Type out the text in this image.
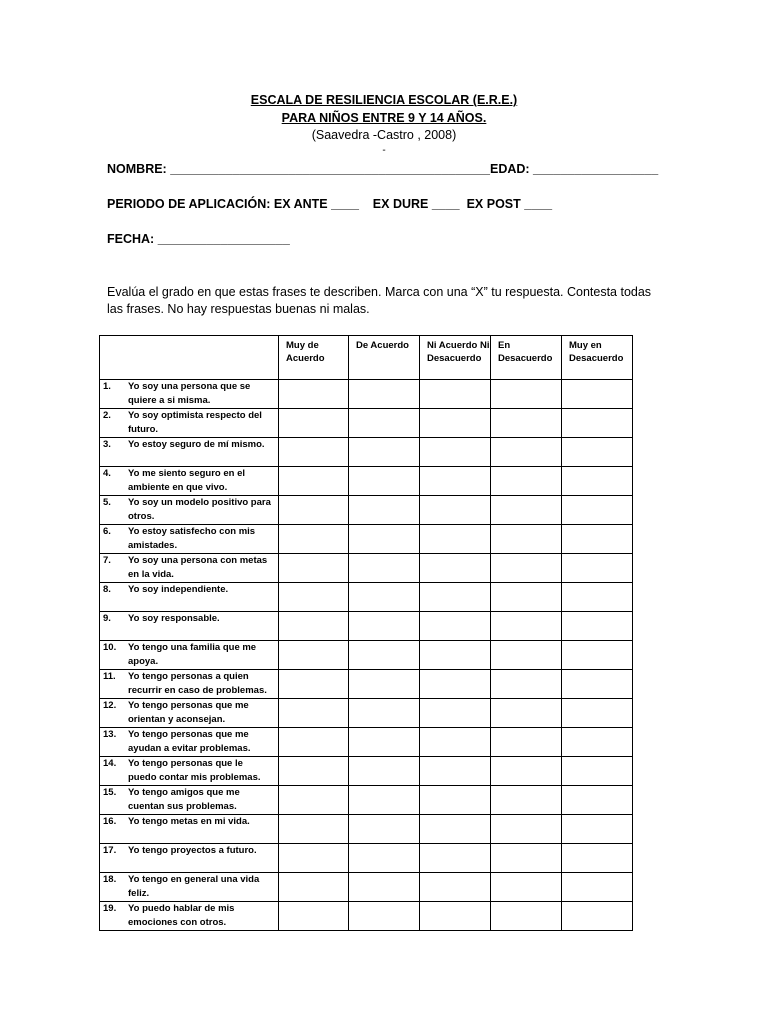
ESCALA DE RESILIENCIA ESCOLAR (E.R.E.)
PARA NIÑOS ENTRE 9 Y 14 AÑOS.
(Saavedra -Castro , 2008)
-
NOMBRE: ______________________________________________EDAD: __________________
PERIODO DE APLICACIÓN: EX ANTE ____    EX DURE ____  EX POST ____
FECHA: ___________________
Evalúa el grado en que estas frases te describen. Marca con una “X” tu respuesta. Contesta todas las frases. No hay respuestas buenas ni malas.
	Muy de Acuerdo	De Acuerdo	Ni Acuerdo Ni Desacuerdo	En Desacuerdo	Muy en Desacuerdo
1. Yo soy una persona que se quiere a si misma.					
2. Yo soy optimista respecto del futuro.					
3. Yo estoy seguro de mí mismo.					
4. Yo me siento seguro en el ambiente en que vivo.					
5. Yo soy un modelo positivo para otros.					
6. Yo estoy satisfecho con mis amistades.					
7. Yo soy una persona con metas en la vida.					
8. Yo soy independiente.					
9. Yo soy responsable.					
10. Yo tengo una familia que me apoya.					
11. Yo tengo personas a quien recurrir en caso de problemas.					
12. Yo tengo personas que me orientan y aconsejan.					
13. Yo tengo personas que me ayudan a evitar problemas.					
14. Yo tengo personas que le puedo contar mis problemas.					
15. Yo tengo amigos que me cuentan sus problemas.					
16. Yo tengo metas en mi vida.					
17. Yo tengo proyectos a futuro.					
18. Yo tengo en general una vida feliz.					
19. Yo puedo hablar de mis emociones con otros.					
